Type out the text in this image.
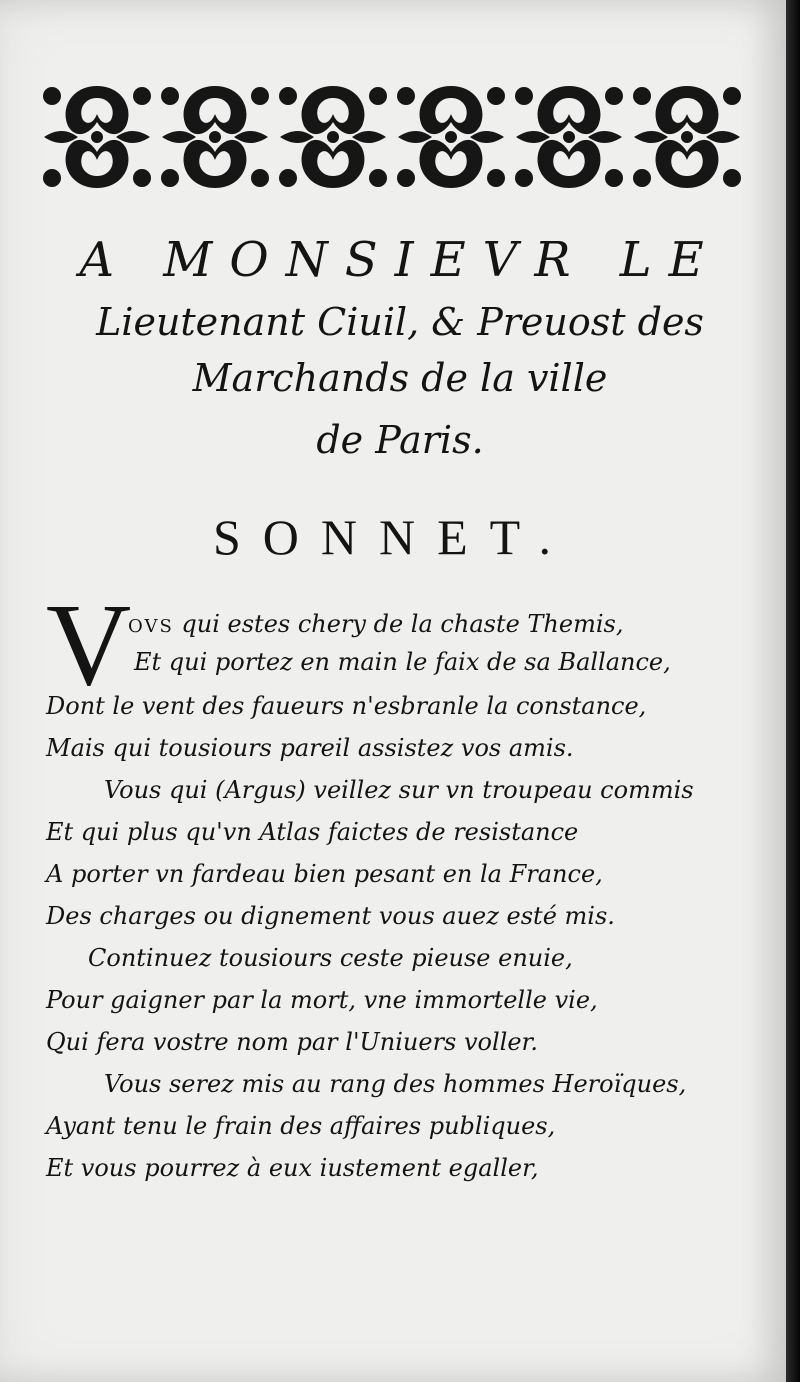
A MONSIEVR LE
Lieutenant Ciuil, & Preuost des
Marchands de la ville
de Paris.
SONNET.
V
OVS qui estes chery de la chaste Themis,
Et qui portez en main le faix de sa Ballance,
Dont le vent des faueurs n'esbranle la constance,
Mais qui tousiours pareil assistez vos amis.
Vous qui (Argus) veillez sur vn troupeau commis
Et qui plus qu'vn Atlas faictes de resistance
A porter vn fardeau bien pesant en la France,
Des charges ou dignement vous auez esté mis.
Continuez tousiours ceste pieuse enuie,
Pour gaigner par la mort, vne immortelle vie,
Qui fera vostre nom par l'Uniuers voller.
Vous serez mis au rang des hommes Heroïques,
Ayant tenu le frain des affaires publiques,
Et vous pourrez à eux iustement egaller,
